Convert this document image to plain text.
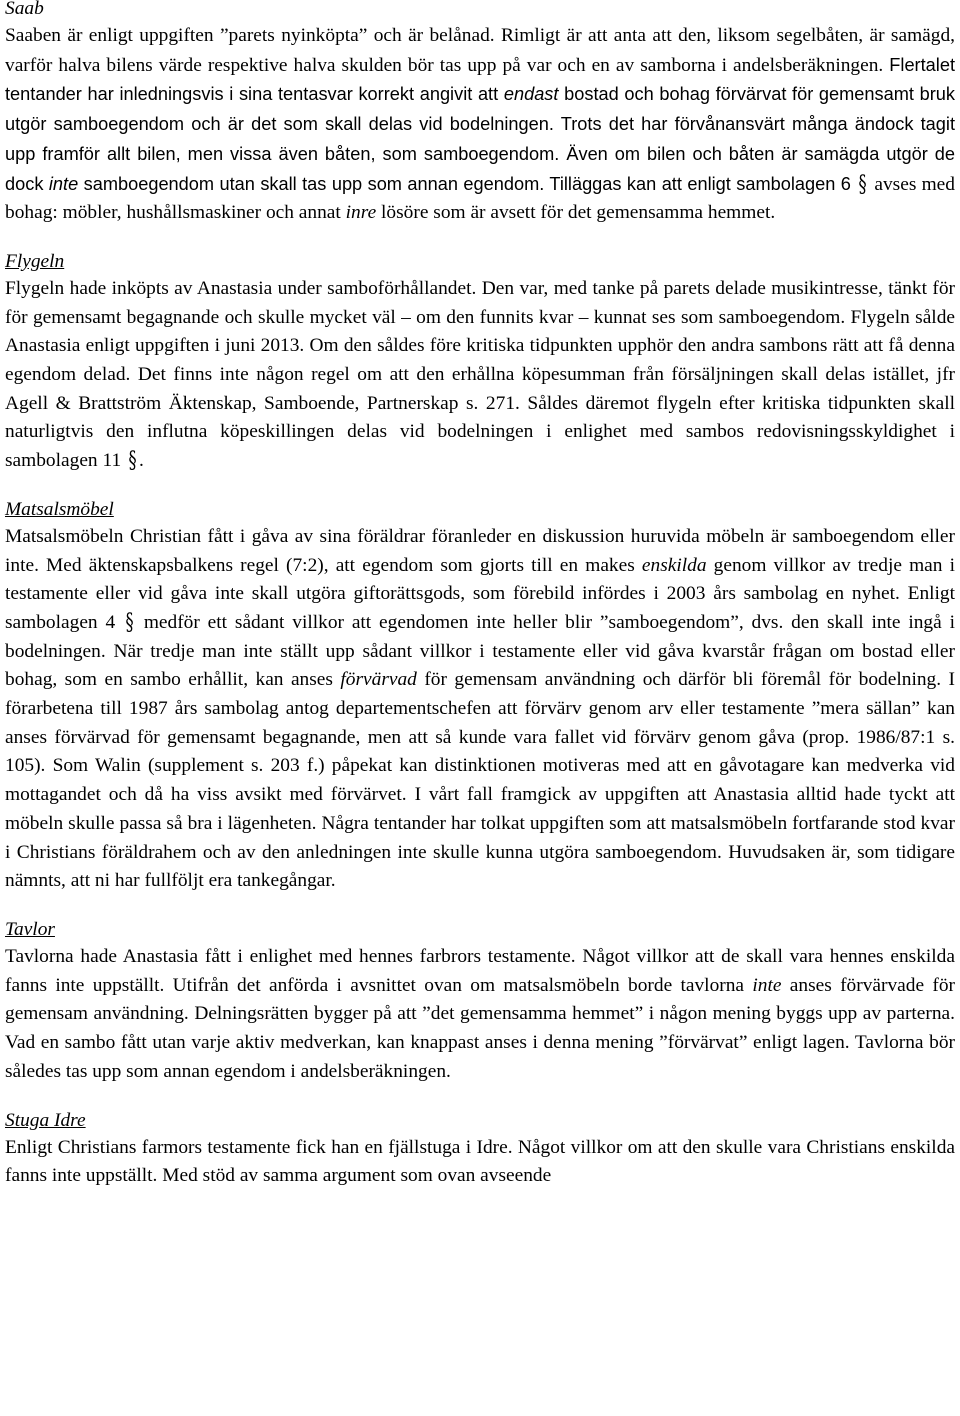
Saab

Saaben är enligt uppgiften ”parets nyinköpta” och är belånad. Rimligt är att anta att den, liksom segelbåten, är samägd, varför halva bilens värde respektive halva skulden bör tas upp på var och en av samborna i andelsberäkningen. Flertalet tentander har inledningsvis i sina tentasvar korrekt angivit att endast bostad och bohag förvärvat för gemensamt bruk utgör samboegendom och är det som skall delas vid bodelningen. Trots det har förvånansvärt många ändock tagit upp framför allt bilen, men vissa även båten, som samboegendom. Även om bilen och båten är samägda utgör de dock inte samboegendom utan skall tas upp som annan egendom. Tilläggas kan att enligt sambolagen 6 § avses med bohag: möbler, hushållsmaskiner och annat inre lösöre som är avsett för det gemensamma hemmet.

Flygeln

Flygeln hade inköpts av Anastasia under samboförhållandet. Den var, med tanke på parets delade musikintresse, tänkt för för gemensamt begagnande och skulle mycket väl – om den funnits kvar – kunnat ses som samboegendom. Flygeln sålde Anastasia enligt uppgiften i juni 2013. Om den såldes före kritiska tidpunkten upphör den andra sambons rätt att få denna egendom delad. Det finns inte någon regel om att den erhållna köpesumman från försäljningen skall delas istället, jfr Agell & Brattström Äktenskap, Samboende, Partnerskap s. 271. Såldes däremot flygeln efter kritiska tidpunkten skall naturligtvis den influtna köpeskillingen delas vid bodelningen i enlighet med sambos redovisningsskyldighet i sambolagen 11 § .

Matsalsmöbel

Matsalsmöbeln Christian fått i gåva av sina föräldrar föranleder en diskussion huruvida möbeln är samboegendom eller inte. Med äktenskapsbalkens regel (7:2), att egendom som gjorts till en makes enskilda genom villkor av tredje man i testamente eller vid gåva inte skall utgöra giftorättsgods, som förebild infördes i 2003 års sambolag en nyhet. Enligt sambolagen 4 § medför ett sådant villkor att egendomen inte heller blir ”samboegendom”, dvs. den skall inte ingå i bodelningen. När tredje man inte ställt upp sådant villkor i testamente eller vid gåva kvarstår frågan om bostad eller bohag, som en sambo erhållit, kan anses förvärvad för gemensam användning och därför bli föremål för bodelning. I förarbetena till 1987 års sambolag antog departementschefen att förvärv genom arv eller testamente ”mera sällan” kan anses förvärvad för gemensamt begagnande, men att så kunde vara fallet vid förvärv genom gåva (prop. 1986/87:1 s. 105). Som Walin (supplement s. 203 f.) påpekat kan distinktionen motiveras med att en gåvotagare kan medverka vid mottagandet och då ha viss avsikt med förvärvet. I vårt fall framgick av uppgiften att Anastasia alltid hade tyckt att möbeln skulle passa så bra i lägenheten. Några tentander har tolkat uppgiften som att matsalsmöbeln fortfarande stod kvar i Christians föräldrahem och av den anledningen inte skulle kunna utgöra samboegendom. Huvudsaken är, som tidigare nämnts, att ni har fullföljt era tankegångar.

Tavlor

Tavlorna hade Anastasia fått i enlighet med hennes farbrors testamente. Något villkor att de skall vara hennes enskilda fanns inte uppställt. Utifrån det anförda i avsnittet ovan om matsalsmöbeln borde tavlorna inte anses förvärvade för gemensam användning. Delningsrätten bygger på att ”det gemensamma hemmet” i någon mening byggs upp av parterna. Vad en sambo fått utan varje aktiv medverkan, kan knappast anses i denna mening ”förvärvat” enligt lagen. Tavlorna bör således tas upp som annan egendom i andelsberäkningen.

Stuga Idre

Enligt Christians farmors testamente fick han en fjällstuga i Idre. Något villkor om att den skulle vara Christians enskilda fanns inte uppställt. Med stöd av samma argument som ovan avseende
